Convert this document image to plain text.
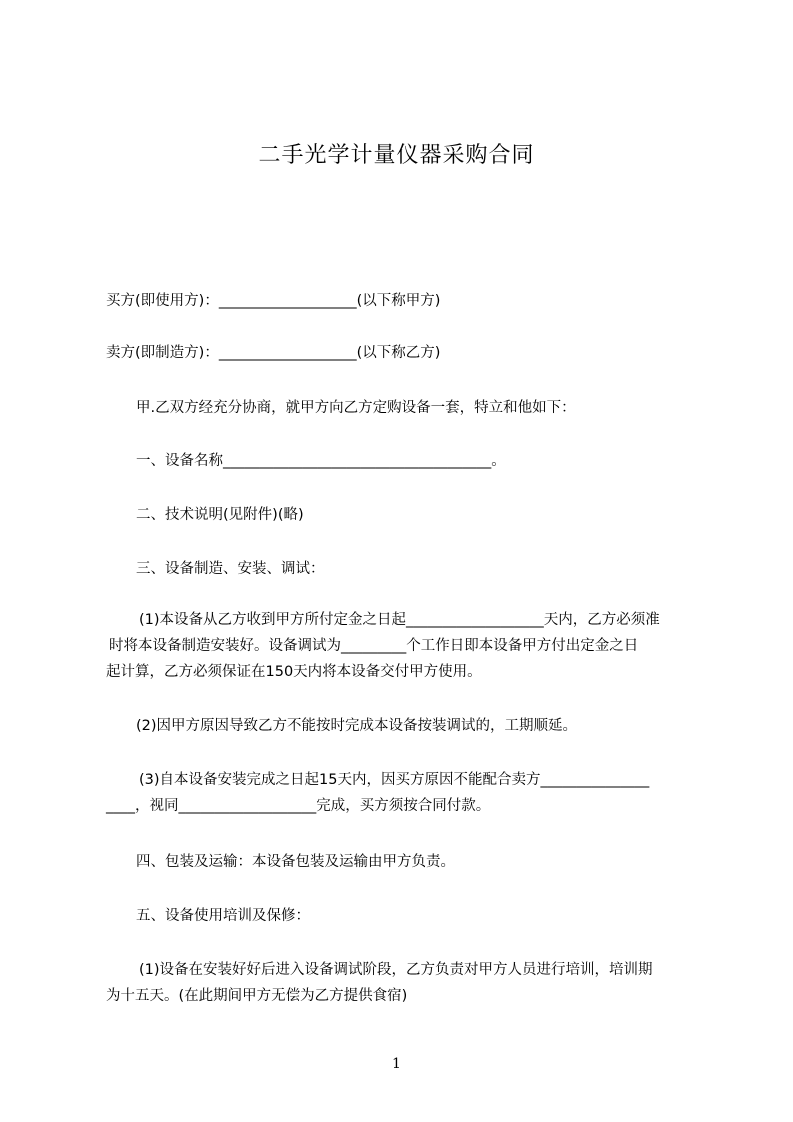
二手光学计量仪器采购合同
买方(即使用方)：___________________(以下称甲方)
卖方(即制造方)：___________________(以下称乙方)
甲.乙双方经充分协商，就甲方向乙方定购设备一套，特立和他如下：
一、设备名称_____________________________________。
二、技术说明(见附件)(略)
三、设备制造、安装、调试：
(1)本设备从乙方收到甲方所付定金之日起___________________天内，乙方必须准
时将本设备制造安装好。设备调试为_________个工作日即本设备甲方付出定金之日
起计算，乙方必须保证在150天内将本设备交付甲方使用。
(2)因甲方原因导致乙方不能按时完成本设备按装调试的，工期顺延。
(3)自本设备安装完成之日起15天内，因买方原因不能配合卖方_______________
____，视同___________________完成，买方须按合同付款。
四、包装及运输：本设备包装及运输由甲方负责。
五、设备使用培训及保修：
(1)设备在安装好好后进入设备调试阶段，乙方负责对甲方人员进行培训，培训期
为十五天。(在此期间甲方无偿为乙方提供食宿)
1
